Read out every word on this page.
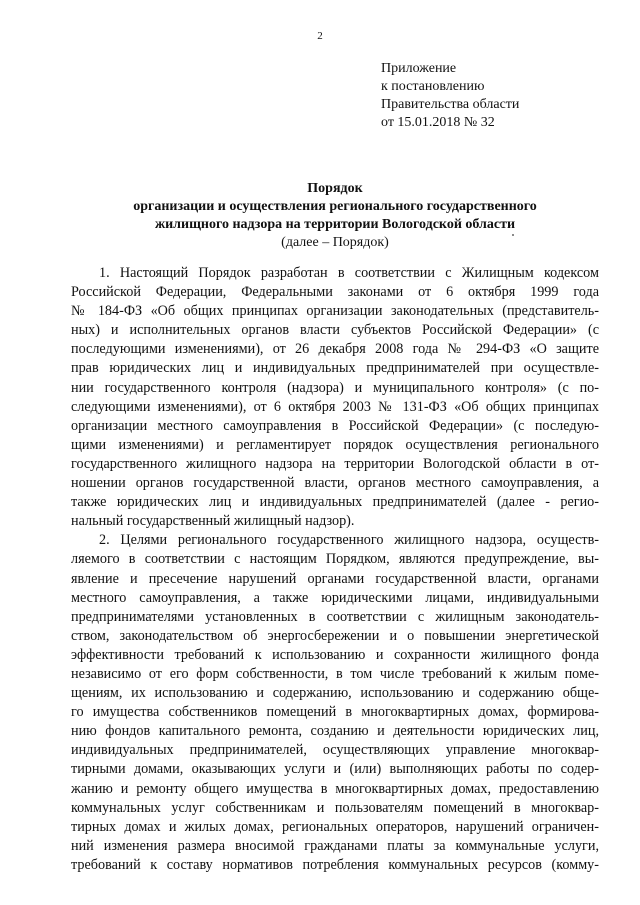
2
Приложение
к постановлению
Правительства области
от 15.01.2018 № 32
Порядок
организации и осуществления регионального государственного
жилищного надзора на территории Вологодской области
(далее – Порядок)
1. Настоящий Порядок разработан в соответствии с Жилищным кодексом
Российской Федерации, Федеральными законами от 6 октября 1999 года
№ 184-ФЗ «Об общих принципах организации законодательных (представитель-
ных) и исполнительных органов власти субъектов Российской Федерации» (с
последующими изменениями), от 26 декабря 2008 года № 294-ФЗ «О защите
прав юридических лиц и индивидуальных предпринимателей при осуществле-
нии государственного контроля (надзора) и муниципального контроля» (с по-
следующими изменениями), от 6 октября 2003 № 131-ФЗ «Об общих принципах
организации местного самоуправления в Российской Федерации» (с последую-
щими изменениями) и регламентирует порядок осуществления регионального
государственного жилищного надзора на территории Вологодской области в от-
ношении органов государственной власти, органов местного самоуправления, а
также юридических лиц и индивидуальных предпринимателей (далее - регио-
нальный государственный жилищный надзор).
2. Целями регионального государственного жилищного надзора, осуществ-
ляемого в соответствии с настоящим Порядком, являются предупреждение, вы-
явление и пресечение нарушений органами государственной власти, органами
местного самоуправления, а также юридическими лицами, индивидуальными
предпринимателями установленных в соответствии с жилищным законодатель-
ством, законодательством об энергосбережении и о повышении энергетической
эффективности требований к использованию и сохранности жилищного фонда
независимо от его форм собственности, в том числе требований к жилым поме-
щениям, их использованию и содержанию, использованию и содержанию обще-
го имущества собственников помещений в многоквартирных домах, формирова-
нию фондов капитального ремонта, созданию и деятельности юридических лиц,
индивидуальных предпринимателей, осуществляющих управление многоквар-
тирными домами, оказывающих услуги и (или) выполняющих работы по содер-
жанию и ремонту общего имущества в многоквартирных домах, предоставлению
коммунальных услуг собственникам и пользователям помещений в многоквар-
тирных домах и жилых домах, региональных операторов, нарушений ограничен-
ний изменения размера вносимой гражданами платы за коммунальные услуги,
требований к составу нормативов потребления коммунальных ресурсов (комму-
